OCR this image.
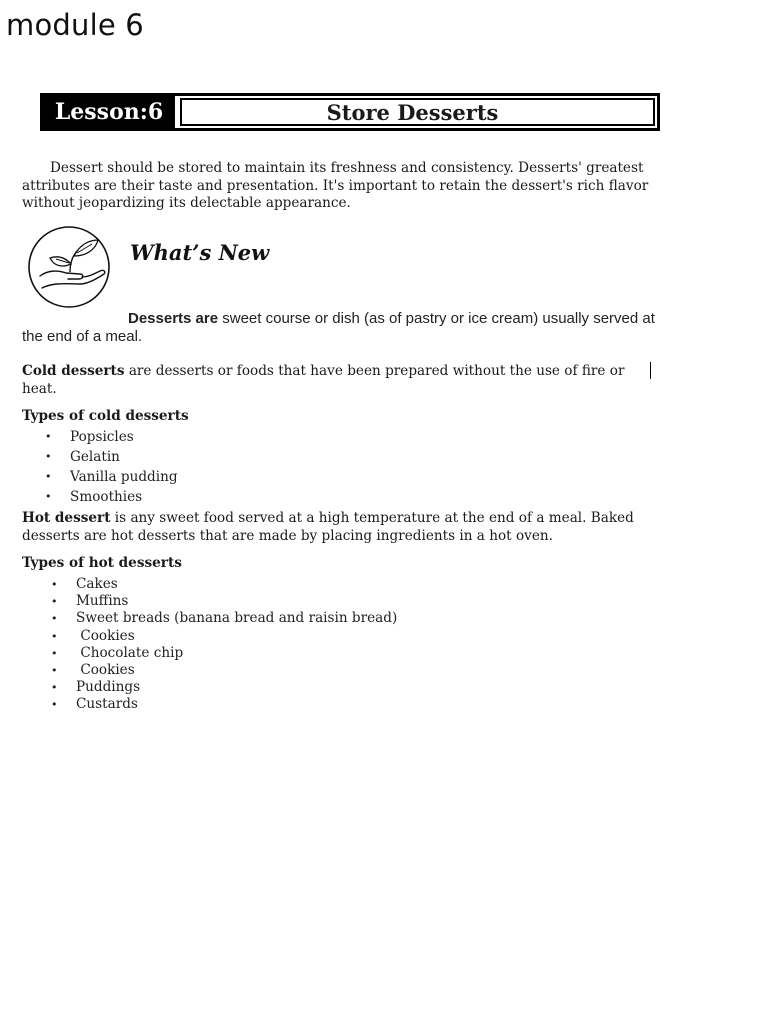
module 6
Lesson:6	Store Desserts

Dessert should be stored to maintain its freshness and consistency. Desserts' greatest attributes are their taste and presentation. It's important to retain the dessert's rich flavor without jeopardizing its delectable appearance.

What’s New

Desserts are sweet course or dish (as of pastry or ice cream) usually served at the end of a meal.

Cold desserts are desserts or foods that have been prepared without the use of fire or heat.

Types of cold desserts

• Popsicles
• Gelatin
• Vanilla pudding
• Smoothies

Hot dessert is any sweet food served at a high temperature at the end of a meal. Baked desserts are hot desserts that are made by placing ingredients in a hot oven.

Types of hot desserts

• Cakes
• Muffins
• Sweet breads (banana bread and raisin bread)
•  Cookies
•  Chocolate chip
•  Cookies
• Puddings
• Custards
